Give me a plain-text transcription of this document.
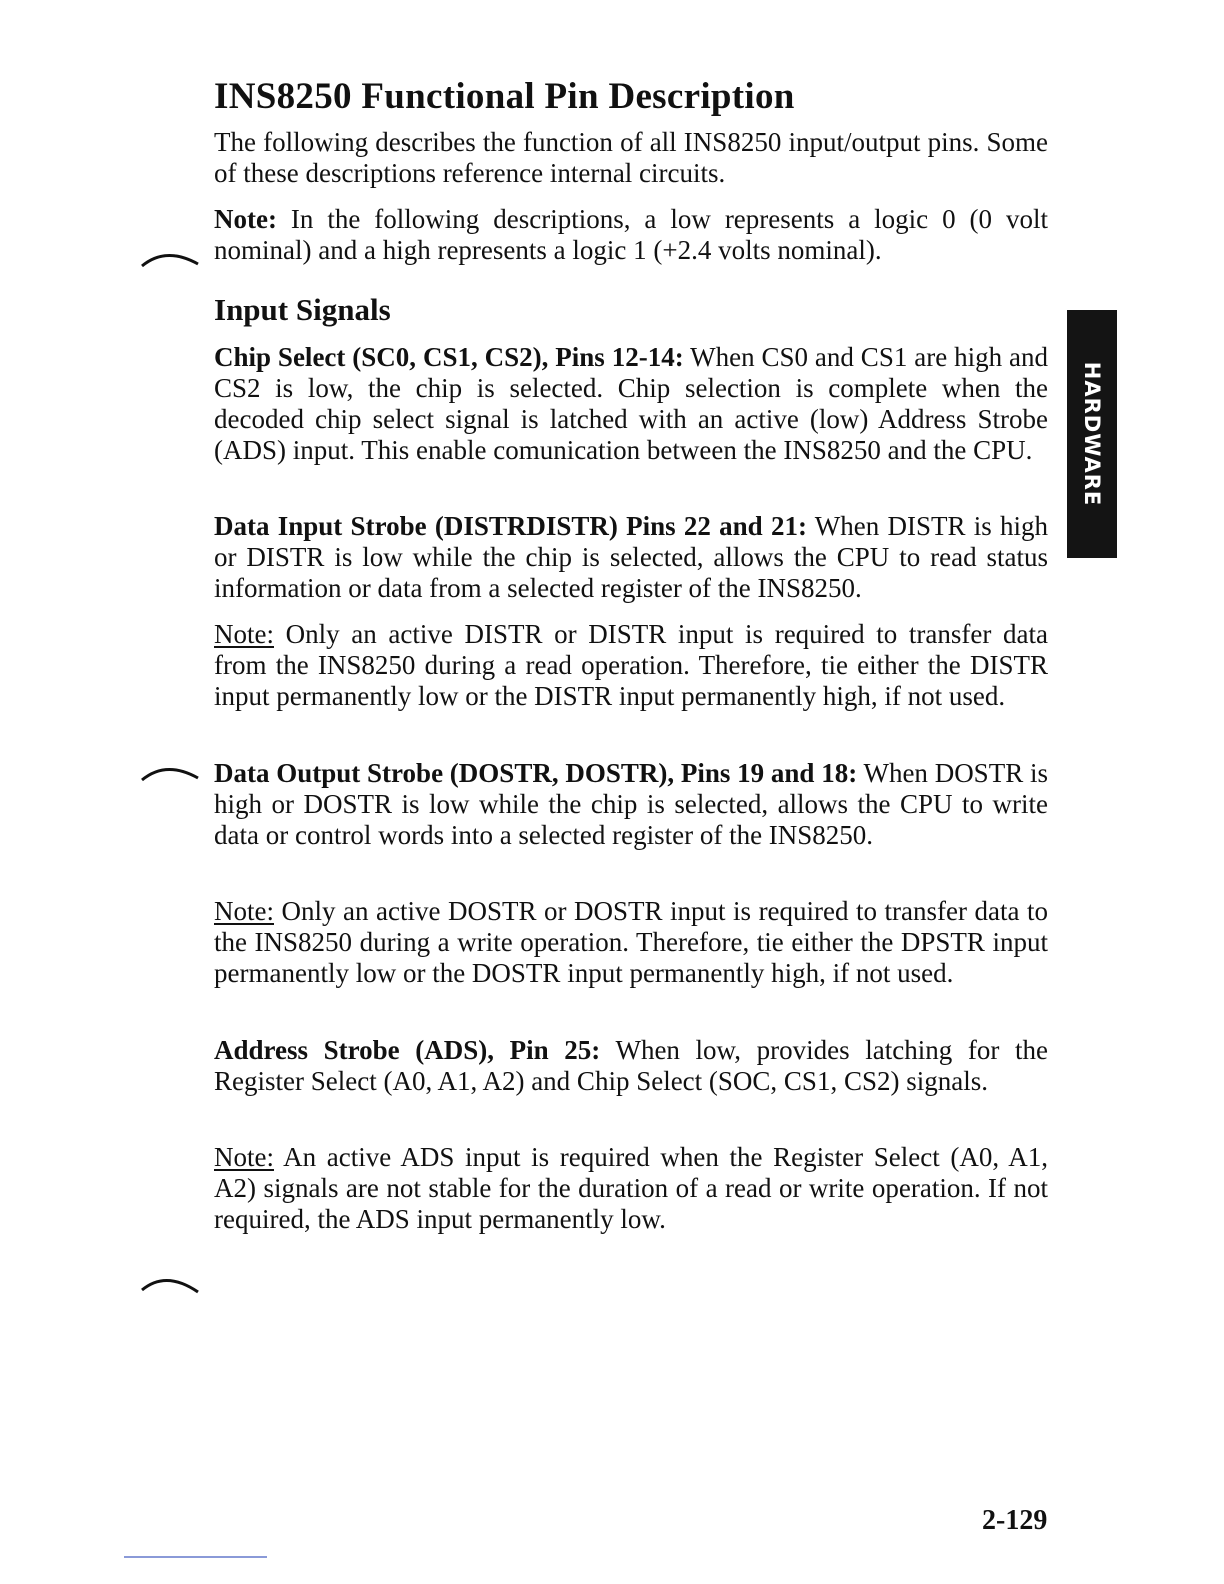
INS8250 Functional Pin Description

The following describes the function of all INS8250 input/output pins. Some of these descriptions reference internal circuits.

Note: In the following descriptions, a low represents a logic 0 (0 volt nominal) and a high represents a logic 1 (+2.4 volts nominal).

Input Signals

Chip Select (SC0, CS1, CS2), Pins 12-14: When CS0 and CS1 are high and CS2 is low, the chip is selected. Chip selection is complete when the decoded chip select signal is latched with an active (low) Address Strobe (ADS) input. This enable comunication between the INS8250 and the CPU.

Data Input Strobe (DISTRDISTR) Pins 22 and 21: When DISTR is high or DISTR is low while the chip is selected, allows the CPU to read status information or data from a selected register of the INS8250.

Note: Only an active DISTR or DISTR input is required to transfer data from the INS8250 during a read operation. Therefore, tie either the DISTR input permanently low or the DISTR input permanently high, if not used.

Data Output Strobe (DOSTR, DOSTR), Pins 19 and 18: When DOSTR is high or DOSTR is low while the chip is selected, allows the CPU to write data or control words into a selected register of the INS8250.

Note: Only an active DOSTR or DOSTR input is required to transfer data to the INS8250 during a write operation. Therefore, tie either the DPSTR input permanently low or the DOSTR input permanently high, if not used.

Address Strobe (ADS), Pin 25: When low, provides latching for the Register Select (A0, A1, A2) and Chip Select (SOC, CS1, CS2) signals.

Note: An active ADS input is required when the Register Select (A0, A1, A2) signals are not stable for the duration of a read or write operation. If not required, the ADS input permanently low.

HARDWARE
2-129
